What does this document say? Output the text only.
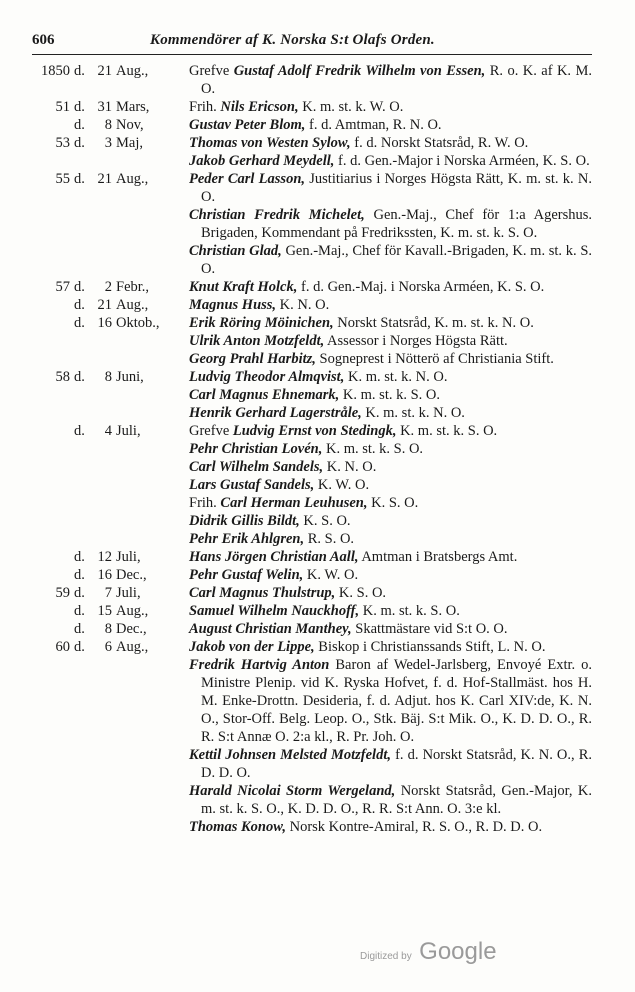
606	Kommendörer af K. Norska S:t Olafs Orden.
1850 d. 21 Aug.,	Grefve Gustaf Adolf Fredrik Wilhelm von Essen, R. o. K. af K. M. O.
51 d. 31 Mars,	Frih. Nils Ericson, K. m. st. k. W. O.
d.	8 Nov,	Gustav Peter Blom, f. d. Amtman, R. N. O.
53 d.	3 Maj,	Thomas von Westen Sylow, f. d. Norskt Statsråd, R. W. O.
Jakob Gerhard Meydell, f. d. Gen.-Major i Norska Arméen, K. S. O.
55 d. 21 Aug.,	Peder Carl Lasson, Justitiarius i Norges Högsta Rätt, K. m. st. k. N. O.
Christian Fredrik Michelet, Gen.-Maj., Chef för 1:a Agershus. Brigaden, Kommendant på Fredrikssten, K. m. st. k. S. O.
Christian Glad, Gen.-Maj., Chef för Kavall.-Brigaden, K. m. st. k. S. O.
57 d.	2 Febr.,	Knut Kraft Holck, f. d. Gen.-Maj. i Norska Arméen, K. S. O.
d. 21 Aug.,	Magnus Huss, K. N. O.
d. 16 Oktob., Erik Röring Möinichen, Norskt Statsråd, K. m. st. k. N. O.
Ulrik Anton Motzfeldt, Assessor i Norges Högsta Rätt.
Georg Prahl Harbitz, Sogneprest i Nötterö af Christiania Stift.
58 d.	8 Juni,	Ludvig Theodor Almqvist, K. m. st. k. N. O.
Carl Magnus Ehnemark, K. m. st. k. S. O.
Henrik Gerhard Lagerstråle, K. m. st. k. N. O.
d.	4 Juli,	Grefve Ludvig Ernst von Stedingk, K. m. st. k. S. O.
Pehr Christian Lovén, K. m. st. k. S. O.
Carl Wilhelm Sandels, K. N. O.
Lars Gustaf Sandels, K. W. O.
Frih. Carl Herman Leuhusen, K. S. O.
Didrik Gillis Bildt, K. S. O.
Pehr Erik Ahlgren, R. S. O.
d. 12 Juli,	Hans Jörgen Christian Aall, Amtman i Bratsbergs Amt.
d. 16 Dec.,	Pehr Gustaf Welin, K. W. O.
59 d.	7 Juli,	Carl Magnus Thulstrup, K. S. O.
d. 15 Aug.,	Samuel Wilhelm Nauckhoff, K. m. st. k. S. O.
d.	8 Dec.,	August Christian Manthey, Skattmästare vid S:t O. O.
60 d.	6 Aug.,	Jakob von der Lippe, Biskop i Christianssands Stift, L. N. O.
Fredrik Hartvig Anton Baron af Wedel-Jarlsberg, Envoyé Extr. o. Ministre Plenip. vid K. Ryska Hofvet, f. d. Hof-Stallmäst. hos H. M. Enke-Drottn. Desideria, f. d. Adjut. hos K. Carl XIV:de, K. N. O., Stor-Off. Belg. Leop. O., Stk. Bäj. S:t Mik. O., K. D. D. O., R. R. S:t Annæ O. 2:a kl., R. Pr. Joh. O.
Kettil Johnsen Melsted Motzfeldt, f. d. Norskt Statsråd, K. N. O., R. D. D. O.
Harald Nicolai Storm Wergeland, Norskt Statsråd, Gen.-Major, K. m. st. k. S. O., K. D. D. O., R. R. S:t Ann. O. 3:e kl.
Thomas Konow, Norsk Kontre-Amiral, R. S. O., R. D. D. O.
Digitized by Google
